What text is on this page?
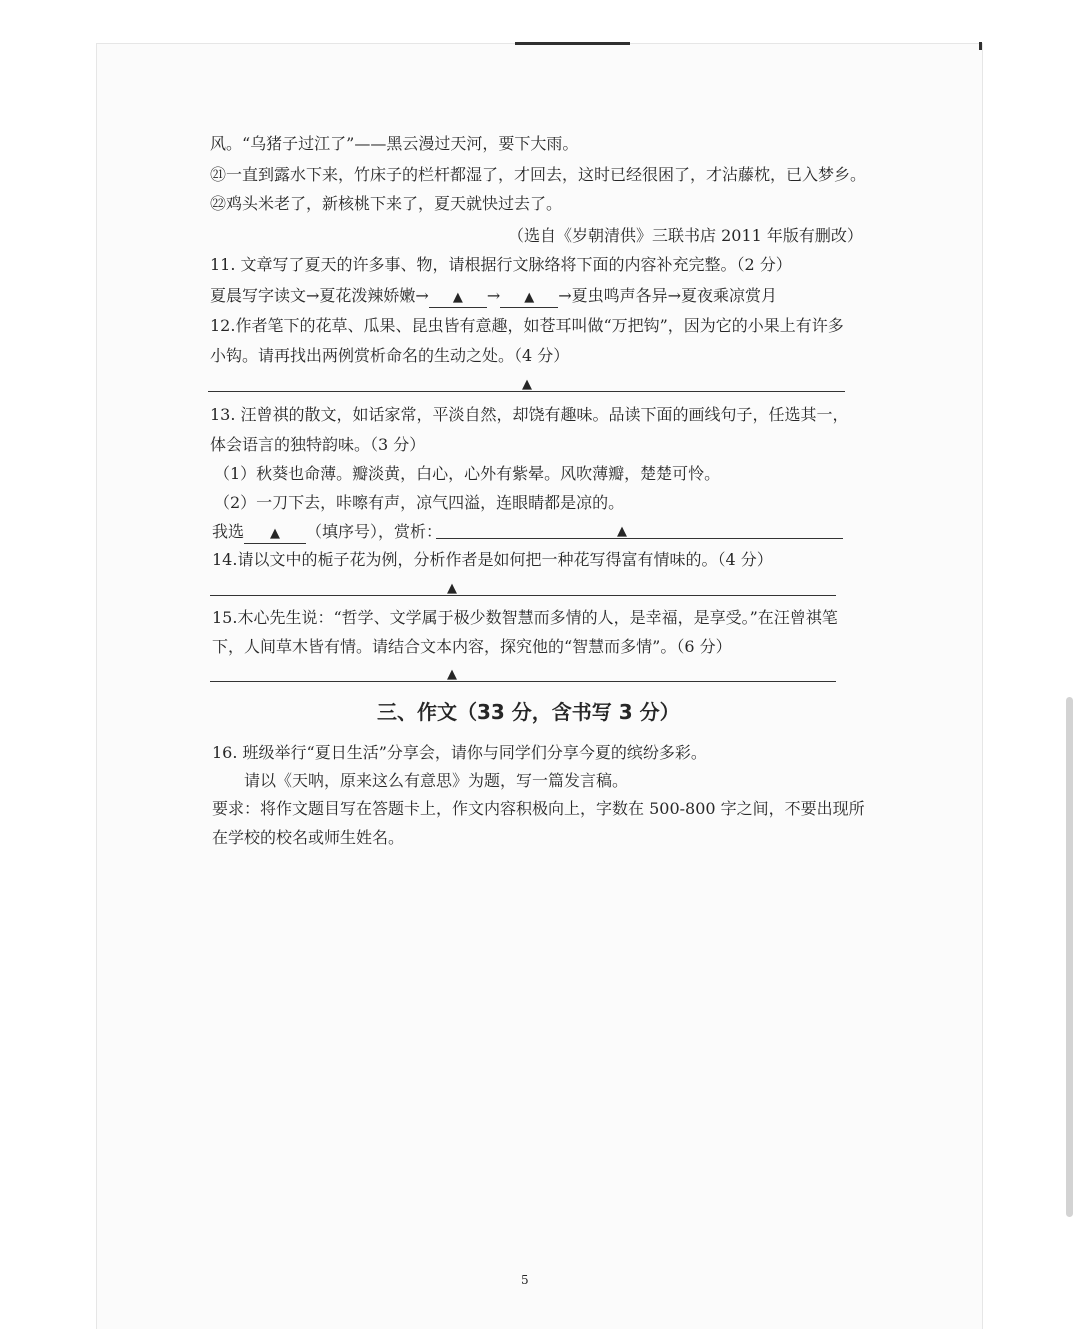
风。“乌猪子过江了”——黑云漫过天河，要下大雨。
㉑一直到露水下来，竹床子的栏杆都湿了，才回去，这时已经很困了，才沾藤枕，已入梦乡。
㉒鸡头米老了，新核桃下来了，夏天就快过去了。
（选自《岁朝清供》三联书店 2011 年版有删改）
11. 文章写了夏天的许多事、物，请根据行文脉络将下面的内容补充完整。（2 分）
夏晨写字读文→夏花泼辣娇嫩→ ▲ → ▲ →夏虫鸣声各异→夏夜乘凉赏月
12.作者笔下的花草、瓜果、昆虫皆有意趣，如苍耳叫做“万把钩”，因为它的小果上有许多
小钩。请再找出两例赏析命名的生动之处。（4 分）
▲
13. 汪曾祺的散文，如话家常，平淡自然，却饶有趣味。品读下面的画线句子，任选其一，
体会语言的独特韵味。（3 分）
（1）秋葵也命薄。瓣淡黄，白心，心外有紫晕。风吹薄瓣，楚楚可怜。
（2）一刀下去，咔嚓有声，凉气四溢，连眼睛都是凉的。
我选 ▲ （填序号），赏析：	▲
14.请以文中的栀子花为例，分析作者是如何把一种花写得富有情味的。（4 分）
▲
15.木心先生说：“哲学、文学属于极少数智慧而多情的人，是幸福，是享受。”在汪曾祺笔
下，人间草木皆有情。请结合文本内容，探究他的“智慧而多情”。（6 分）
▲
三、作文（33 分，含书写 3 分）
16. 班级举行“夏日生活”分享会，请你与同学们分享今夏的缤纷多彩。
请以《天呐，原来这么有意思》为题，写一篇发言稿。
要求：将作文题目写在答题卡上，作文内容积极向上，字数在 500-800 字之间，不要出现所
在学校的校名或师生姓名。
5
